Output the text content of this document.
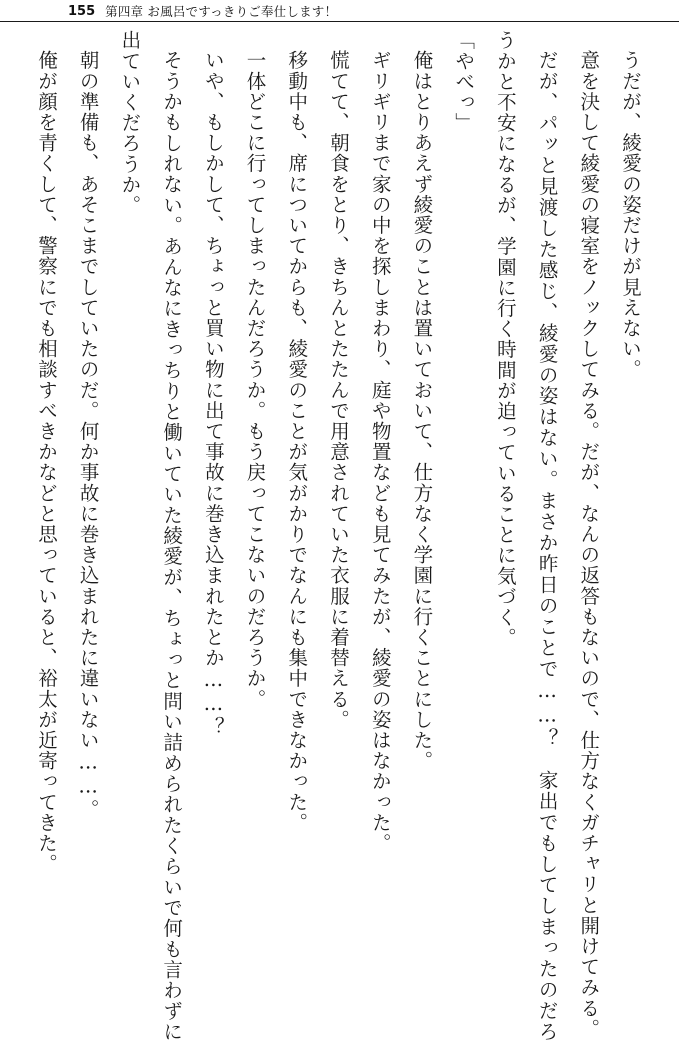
155 第四章 お風呂ですっきりご奉仕します！

うだが、綾愛の姿だけが見えない。

意を決して綾愛の寝室をノックしてみる。だが、なんの返答もないので、仕方なくガチャリと開けてみる。

だが、パッと見渡した感じ、綾愛の姿はない。まさか昨日のことで……？　家出でもしてしまったのだろうかと不安になるが、学園に行く時間が迫っていることに気づく。

「やべっ」

俺はとりあえず綾愛のことは置いておいて、仕方なく学園に行くことにした。

ギリギリまで家の中を探しまわり、庭や物置なども見てみたが、綾愛の姿はなかった。

慌てて、朝食をとり、きちんとたたんで用意されていた衣服に着替える。

移動中も、席についてからも、綾愛のことが気がかりでなんにも集中できなかった。

一体どこに行ってしまったんだろうか。もう戻ってこないのだろうか。

いや、もしかして、ちょっと買い物に出て事故に巻き込まれたとか……？

そうかもしれない。あんなにきっちりと働いていた綾愛が、ちょっと問い詰められたくらいで何も言わずに出ていくだろうか。

朝の準備も、あそこまでしていたのだ。何か事故に巻き込まれたに違いない……。

俺が顔を青くして、警察にでも相談すべきかなどと思っていると、裕太が近寄ってきた。
